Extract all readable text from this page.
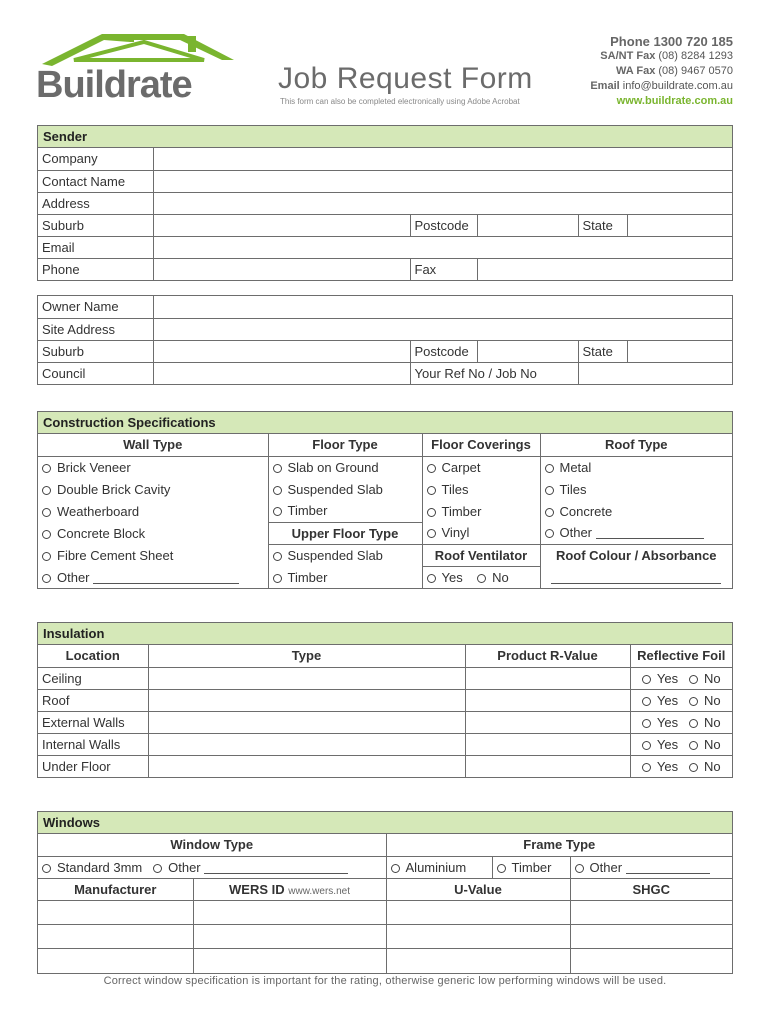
Buildrate	Job Request Form
This form can also be completed electronically using Adobe Acrobat
Phone 1300 720 185
SA/NT Fax (08) 8284 1293
WA Fax (08) 9467 0570
Email info@buildrate.com.au
www.buildrate.com.au
Sender
Company					
Contact Name					
Address					
Suburb		Postcode		State	
Email					
Phone		Fax			
Owner Name					
Site Address					
Suburb		Postcode		State	
Council		Your Ref No / Job No			
Construction Specifications
Wall Type	Floor Type	Floor Coverings	Roof Type
Brick Veneer	Slab on Ground	Carpet	Metal
Double Brick Cavity	Suspended Slab	Tiles	Tiles
Weatherboard	Timber	Timber	Concrete
Concrete Block	Upper Floor Type	Vinyl	Other
Fibre Cement Sheet	Suspended Slab	Roof Ventilator	Roof Colour / Absorbance
Other	Timber	Yes No	
Insulation
Location	Type	Product R-Value	Reflective Foil
Ceiling			Yes No
Roof			Yes No
External Walls			Yes No
Internal Walls			Yes No
Under Floor			Yes No
Windows
Window Type	Frame Type		
Standard 3mm Other	Aluminium	Timber	Other
Manufacturer	WERS ID www.wers.net	U-Value	SHGC

Correct window specification is important for the rating, otherwise generic low performing windows will be used.
